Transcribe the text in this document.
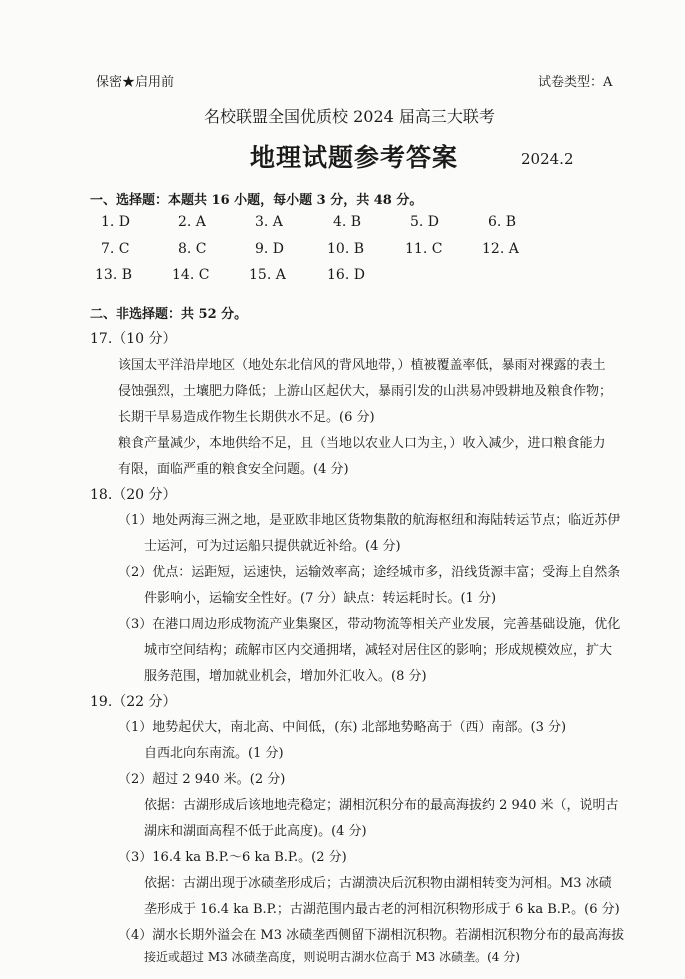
保密★启用前	试卷类型：A
名校联盟全国优质校 2024 届高三大联考
地理试题参考答案	2024.2
一、选择题：本题共 16 小题，每小题 3 分，共 48 分。
1. D	2. A	3. A	4. B	5. D	6. B
7. C	8. C	9. D	10. B	11. C	12. A
13. B	14. C	15. A	16. D
二、非选择题：共 52 分。
17.（10 分）
该国太平洋沿岸地区（地处东北信风的背风地带，）植被覆盖率低，暴雨对裸露的表土
侵蚀强烈，土壤肥力降低；上游山区起伏大，暴雨引发的山洪易冲毁耕地及粮食作物；
长期干旱易造成作物生长期供水不足。(6 分)
粮食产量减少，本地供给不足，且（当地以农业人口为主，）收入减少，进口粮食能力
有限，面临严重的粮食安全问题。(4 分)
18.（20 分）
（1）地处两海三洲之地，是亚欧非地区货物集散的航海枢纽和海陆转运节点；临近苏伊
士运河，可为过运船只提供就近补给。(4 分)
（2）优点：运距短，运速快，运输效率高；途经城市多，沿线货源丰富；受海上自然条
件影响小，运输安全性好。(7 分）缺点：转运耗时长。(1 分)
（3）在港口周边形成物流产业集聚区，带动物流等相关产业发展，完善基础设施，优化
城市空间结构；疏解市区内交通拥堵，减轻对居住区的影响；形成规模效应，扩大
服务范围，增加就业机会，增加外汇收入。(8 分)
19.（22 分）
（1）地势起伏大，南北高、中间低，(东) 北部地势略高于（西）南部。(3 分)
自西北向东南流。(1 分)
（2）超过 2 940 米。(2 分)
依据：古湖形成后该地地壳稳定；湖相沉积分布的最高海拔约 2 940 米（，说明古
湖床和湖面高程不低于此高度)。(4 分)
（3）16.4 ka B.P.～6 ka B.P.。(2 分)
依据：古湖出现于冰碛垄形成后；古湖溃决后沉积物由湖相转变为河相。M3 冰碛
垄形成于 16.4 ka B.P.；古湖范围内最古老的河相沉积物形成于 6 ka B.P.。(6 分)
（4）湖水长期外溢会在 M3 冰碛垄西侧留下湖相沉积物。若湖相沉积物分布的最高海拔
接近或超过 M3 冰碛垄高度，则说明古湖水位高于 M3 冰碛垄。(4 分)
